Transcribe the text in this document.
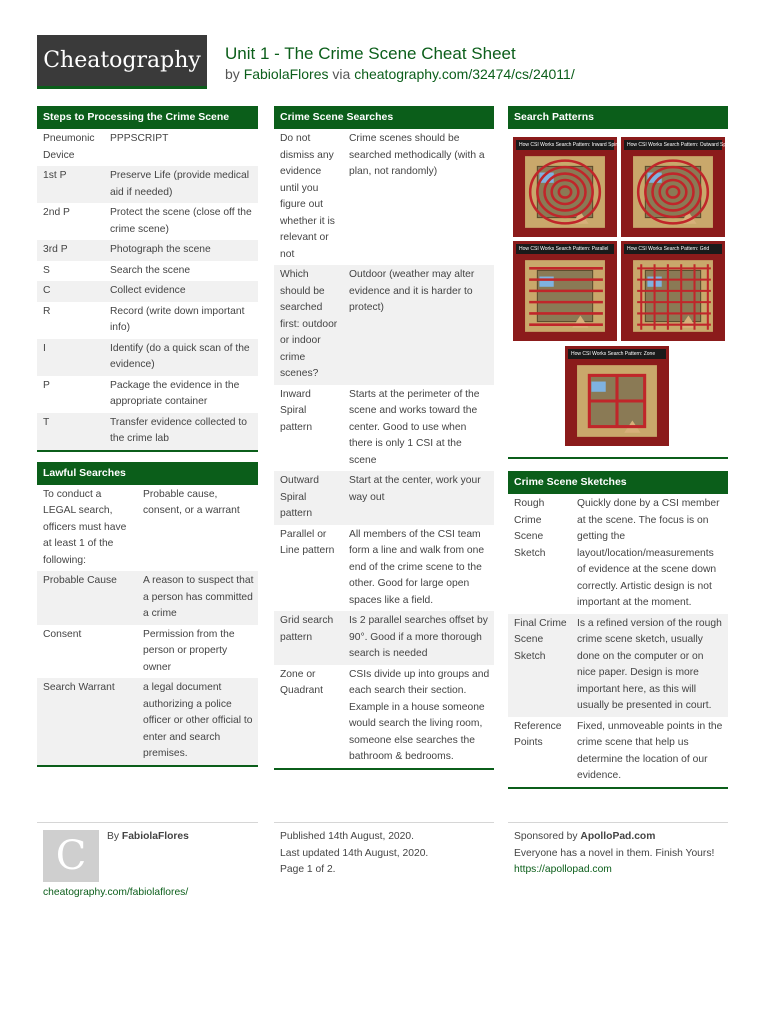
Cheatography	Unit 1 - The Crime Scene Cheat Sheet
by FabiolaFlores via cheatography.com/32474/cs/24011/
Steps to Processing the Crime Scene
Pneumonic Device	PPPSCRIPT
1st P	Preserve Life (provide medical aid if needed)
2nd P	Protect the scene (close off the crime scene)
3rd P	Photograph the scene
S	Search the scene
C	Collect evidence
R	Record (write down important info)
I	Identify (do a quick scan of the evidence)
P	Package the evidence in the appropriate container
T	Transfer evidence collected to the crime lab
Lawful Searches
To conduct a LEGAL search, officers must have at least 1 of the following:	Probable cause, consent, or a warrant
Probable Cause	A reason to suspect that a person has committed a crime
Consent	Permission from the person or property owner
Search Warrant	a legal document authorizing a police officer or other official to enter and search premises.
Crime Scene Searches
Do not dismiss any evidence until you figure out whether it is relevant or not	Crime scenes should be searched methodically (with a plan, not randomly)
Which should be searched first: outdoor or indoor crime scenes?	Outdoor (weather may alter evidence and it is harder to protect)
Inward Spiral pattern	Starts at the perimeter of the scene and works toward the center. Good to use when there is only 1 CSI at the scene
Outward Spiral pattern	Start at the center, work your way out
Parallel or Line pattern	All members of the CSI team form a line and walk from one end of the crime scene to the other. Good for large open spaces like a field.
Grid search pattern	Is 2 parallel searches offset by 90°. Good if a more thorough search is needed
Zone or Quadrant	CSIs divide up into groups and each search their section. Example in a house someone would search the living room, someone else searches the bathroom & bedrooms.
Search Patterns
How CSI Works Search Pattern: Inward Spiral	How CSI Works Search Pattern: Outward Spiral
How CSI Works Search Pattern: Parallel	How CSI Works Search Pattern: Grid
How CSI Works Search Pattern: Zone
Crime Scene Sketches
Rough Crime Scene Sketch	Quickly done by a CSI member at the scene. The focus is on getting the layout/location/measurements of evidence at the scene down correctly. Artistic design is not important at the moment.
Final Crime Scene Sketch	Is a refined version of the rough crime scene sketch, usually done on the computer or on nice paper. Design is more important here, as this will usually be presented in court.
Reference Points	Fixed, unmoveable points in the crime scene that help us determine the location of our evidence.
C	By FabiolaFlores
cheatography.com/fabiolaflores/
Published 14th August, 2020.
Last updated 14th August, 2020.
Page 1 of 2.
Sponsored by ApolloPad.com
Everyone has a novel in them. Finish Yours!
https://apollopad.com
